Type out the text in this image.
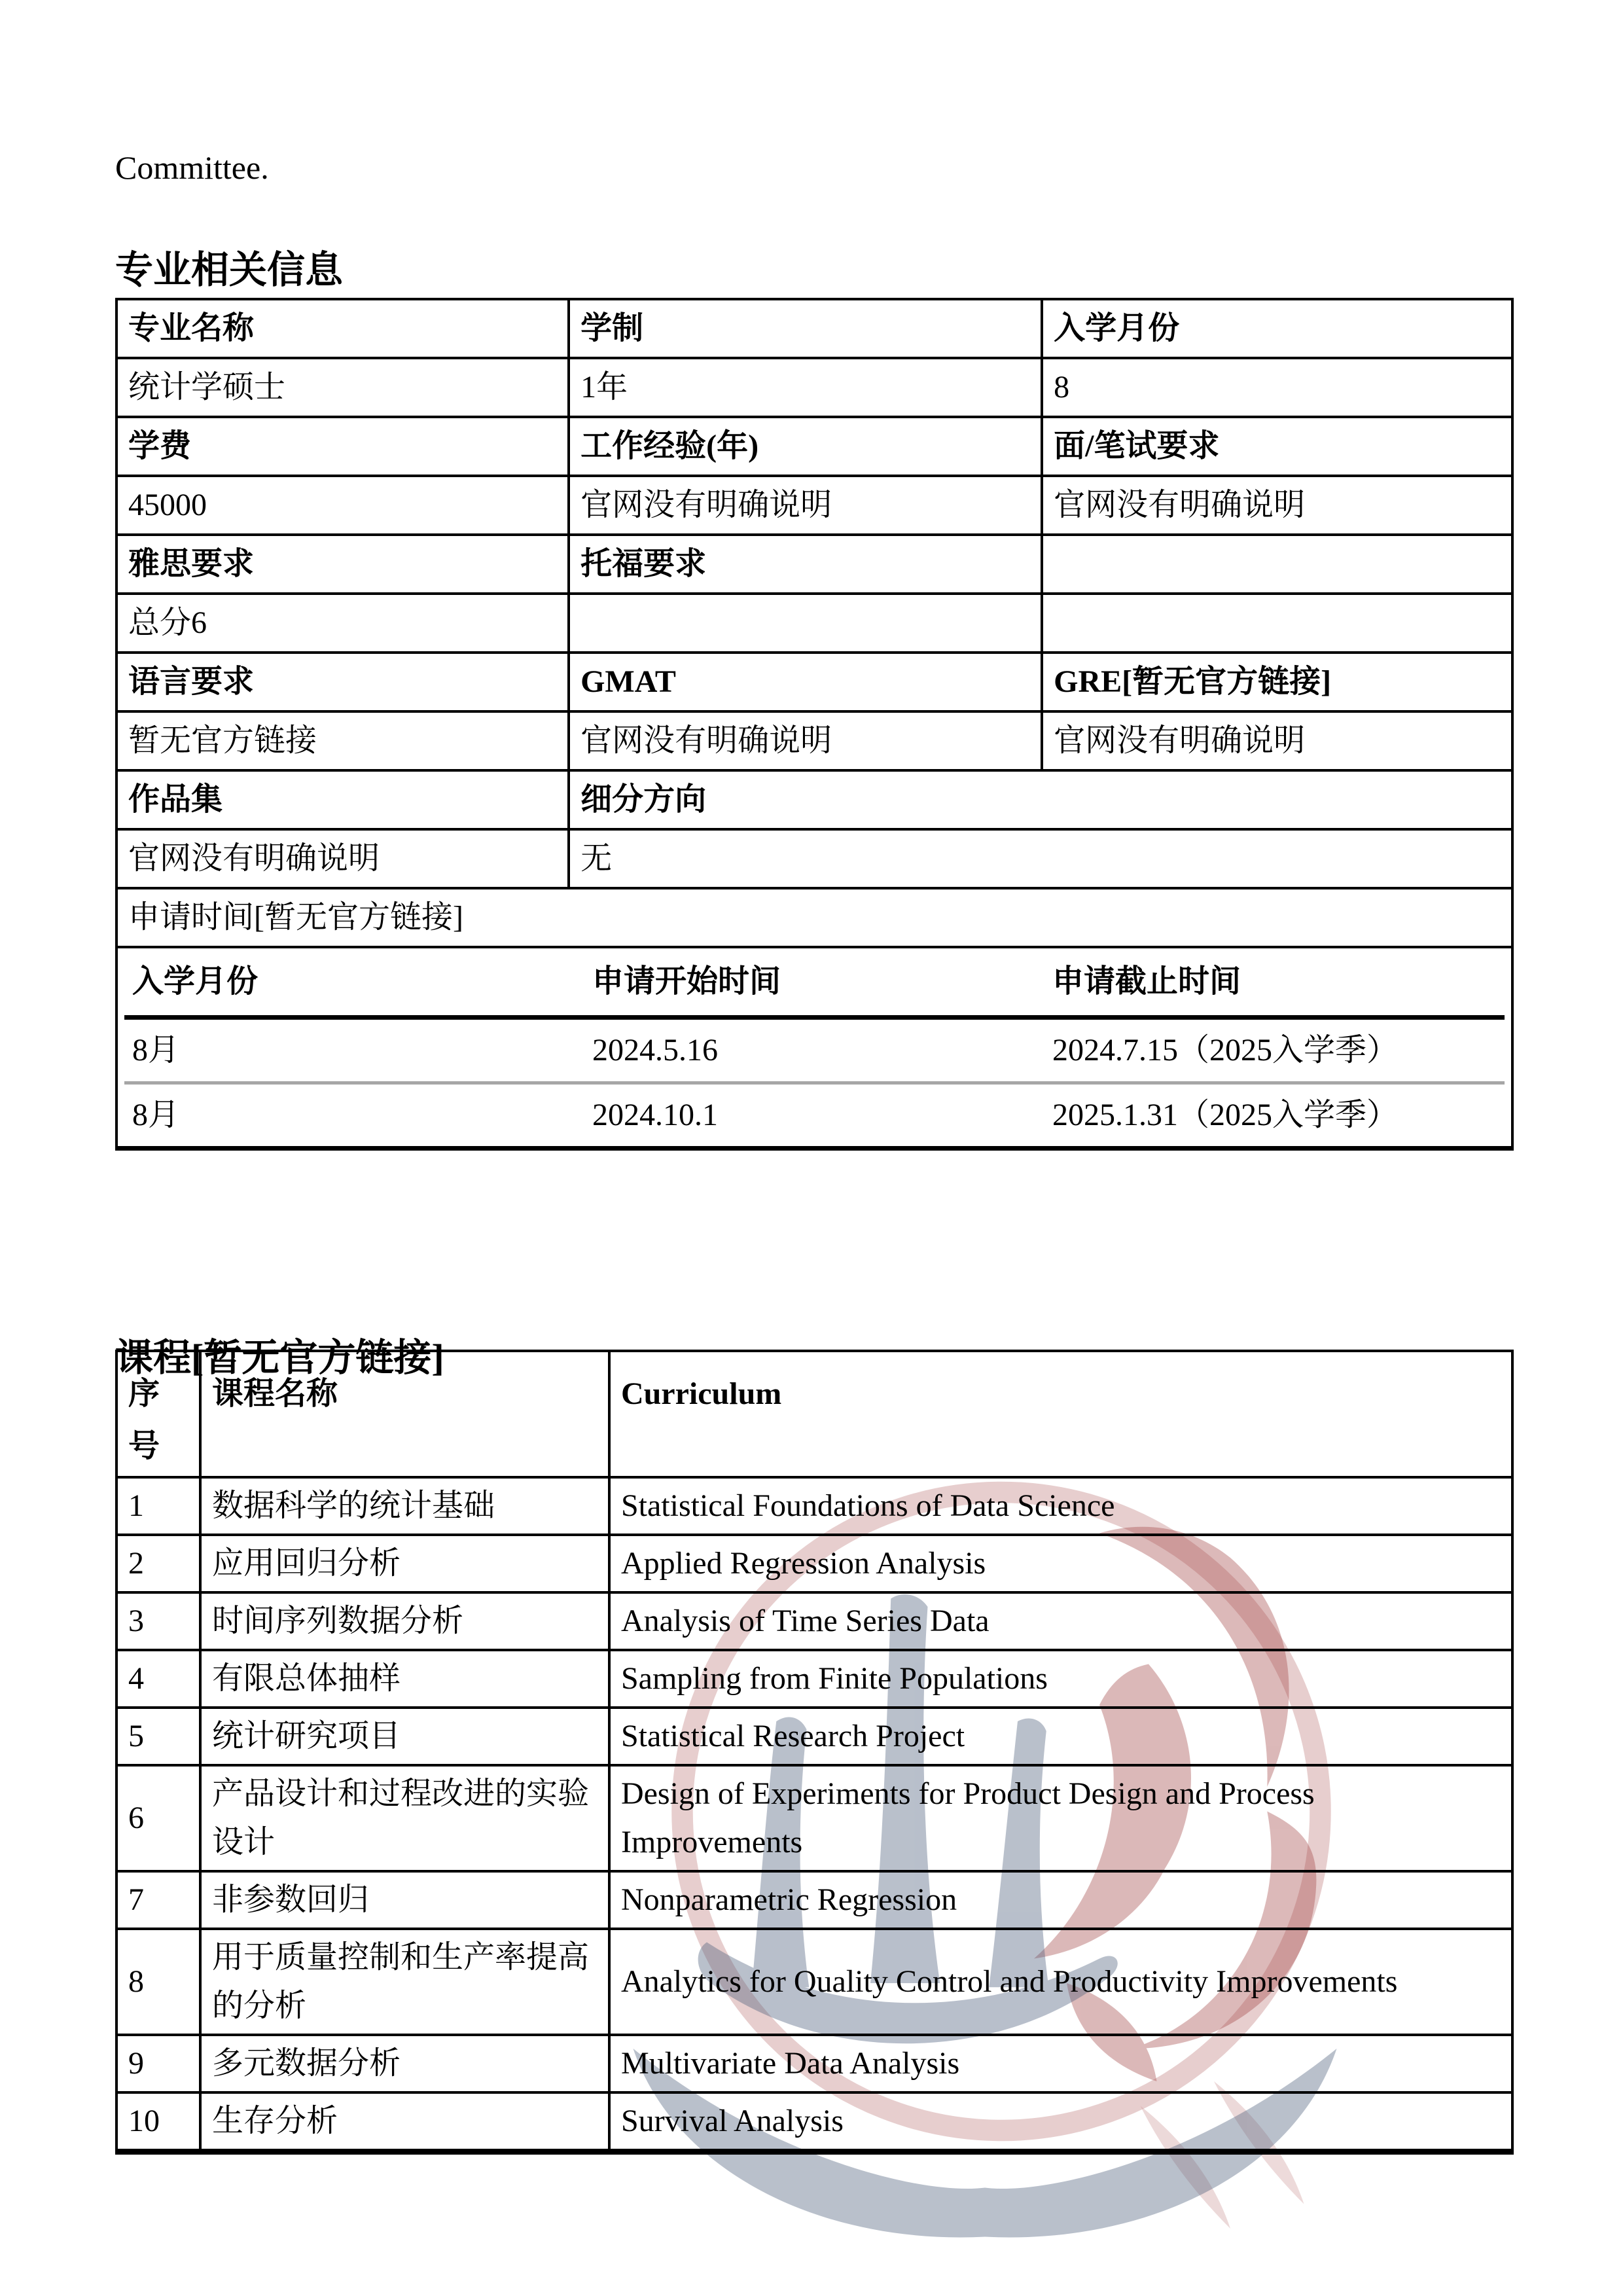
Committee.

专业相关信息
专业名称	学制	入学月份
统计学硕士	1年	8
学费	工作经验(年)	面/笔试要求
45000	官网没有明确说明	官网没有明确说明
雅思要求	托福要求	
总分6		
语言要求	GMAT	GRE[暂无官方链接]
暂无官方链接	官网没有明确说明	官网没有明确说明
作品集	细分方向	
官网没有明确说明	无	
申请时间[暂无官方链接]		

入学月份	申请开始时间	申请截止时间
8月	2024.5.16	2024.7.15（2025入学季）
8月	2024.10.1	2025.1.31（2025入学季）
课程[暂无官方链接]
序号	课程名称	Curriculum
1	数据科学的统计基础	Statistical Foundations of Data Science
2	应用回归分析	Applied Regression Analysis
3	时间序列数据分析	Analysis of Time Series Data
4	有限总体抽样	Sampling from Finite Populations
5	统计研究项目	Statistical Research Project
6	产品设计和过程改进的实验设计	Design of Experiments for Product Design and Process Improvements
7	非参数回归	Nonparametric Regression
8	用于质量控制和生产率提高的分析	Analytics for Quality Control and Productivity Improvements
9	多元数据分析	Multivariate Data Analysis
10	生存分析	Survival Analysis
